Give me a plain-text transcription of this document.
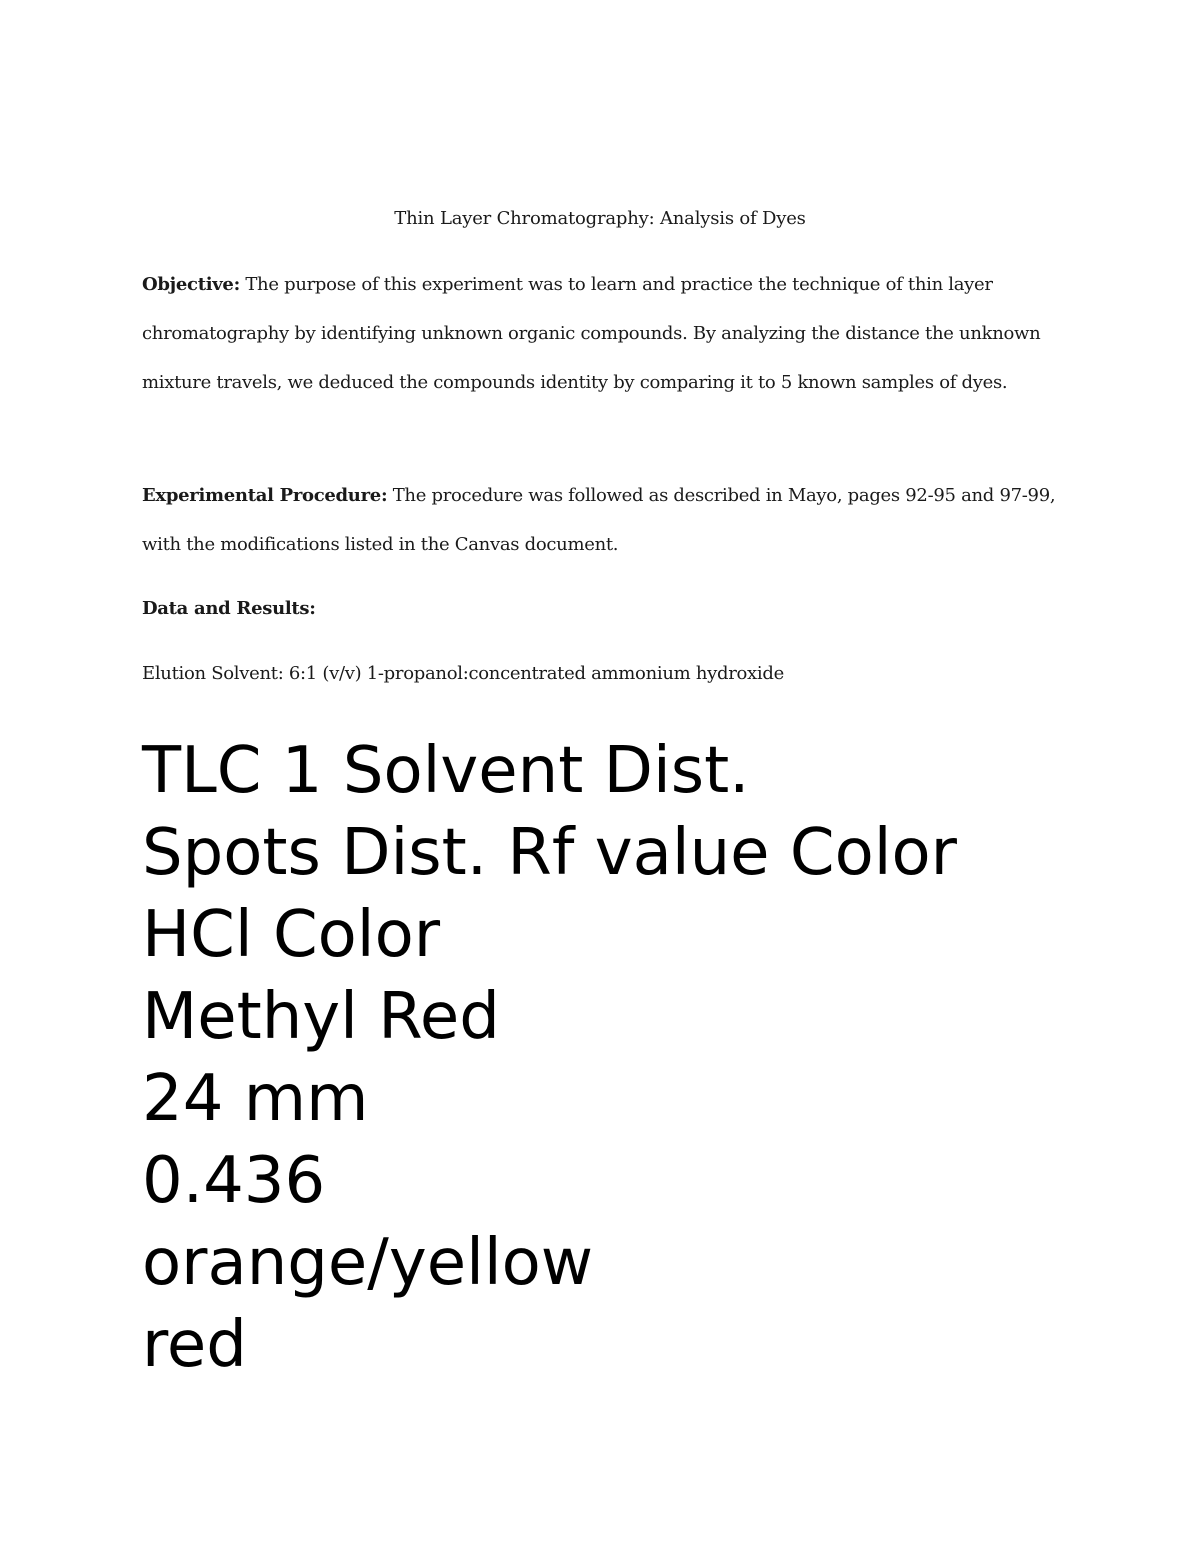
Thin Layer Chromatography: Analysis of Dyes
Objective: The purpose of this experiment was to learn and practice the technique of thin layer chromatography by identifying unknown organic compounds. By analyzing the distance the unknown mixture travels, we deduced the compounds identity by comparing it to 5 known samples of dyes.
Experimental Procedure: The procedure was followed as described in Mayo, pages 92-95 and 97-99, with the modifications listed in the Canvas document.
Data and Results:
Elution Solvent: 6:1 (v/v) 1-propanol:concentrated ammonium hydroxide
TLC 1 Solvent Dist.
Spots Dist. Rf value Color
HCl Color
Methyl Red
24 mm
0.436
orange/yellow
red
